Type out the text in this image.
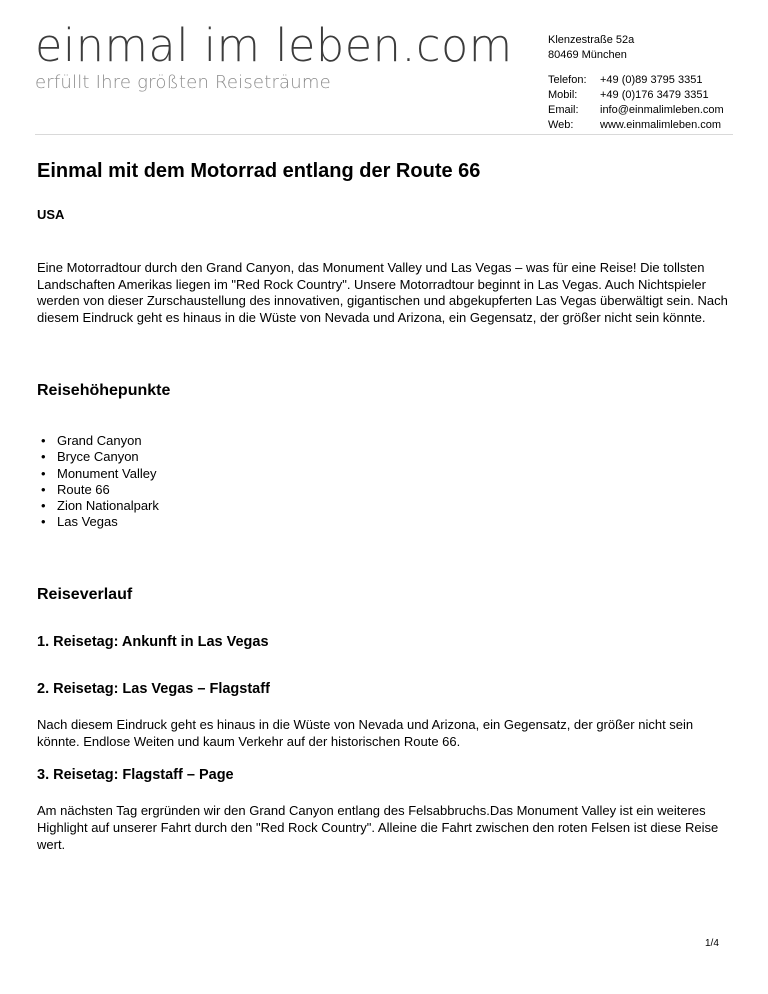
einmal im leben.com
erfüllt Ihre größten Reiseträume
Klenzestraße 52a
80469 München
Telefon:	+49 (0)89 3795 3351
Mobil:	+49 (0)176 3479 3351
Email:	info@einmalimleben.com
Web:	www.einmalimleben.com
Einmal mit dem Motorrad entlang der Route 66
USA
Eine Motorradtour durch den Grand Canyon, das Monument Valley und Las Vegas – was für eine Reise! Die tollsten Landschaften Amerikas liegen im "Red Rock Country". Unsere Motorradtour beginnt in Las Vegas. Auch Nichtspieler werden von dieser Zurschaustellung des innovativen, gigantischen und abgekupferten Las Vegas überwältigt sein. Nach diesem Eindruck geht es hinaus in die Wüste von Nevada und Arizona, ein Gegensatz, der größer nicht sein könnte.
Reisehöhepunkte
• Grand Canyon
• Bryce Canyon
• Monument Valley
• Route 66
• Zion Nationalpark
• Las Vegas
Reiseverlauf
1. Reisetag: Ankunft in Las Vegas
2. Reisetag: Las Vegas – Flagstaff
Nach diesem Eindruck geht es hinaus in die Wüste von Nevada und Arizona, ein Gegensatz, der größer nicht sein könnte. Endlose Weiten und kaum Verkehr auf der historischen Route 66.
3. Reisetag: Flagstaff – Page
Am nächsten Tag ergründen wir den Grand Canyon entlang des Felsabbruchs.Das Monument Valley ist ein weiteres Highlight auf unserer Fahrt durch den "Red Rock Country". Alleine die Fahrt zwischen den roten Felsen ist diese Reise wert.
1/4
